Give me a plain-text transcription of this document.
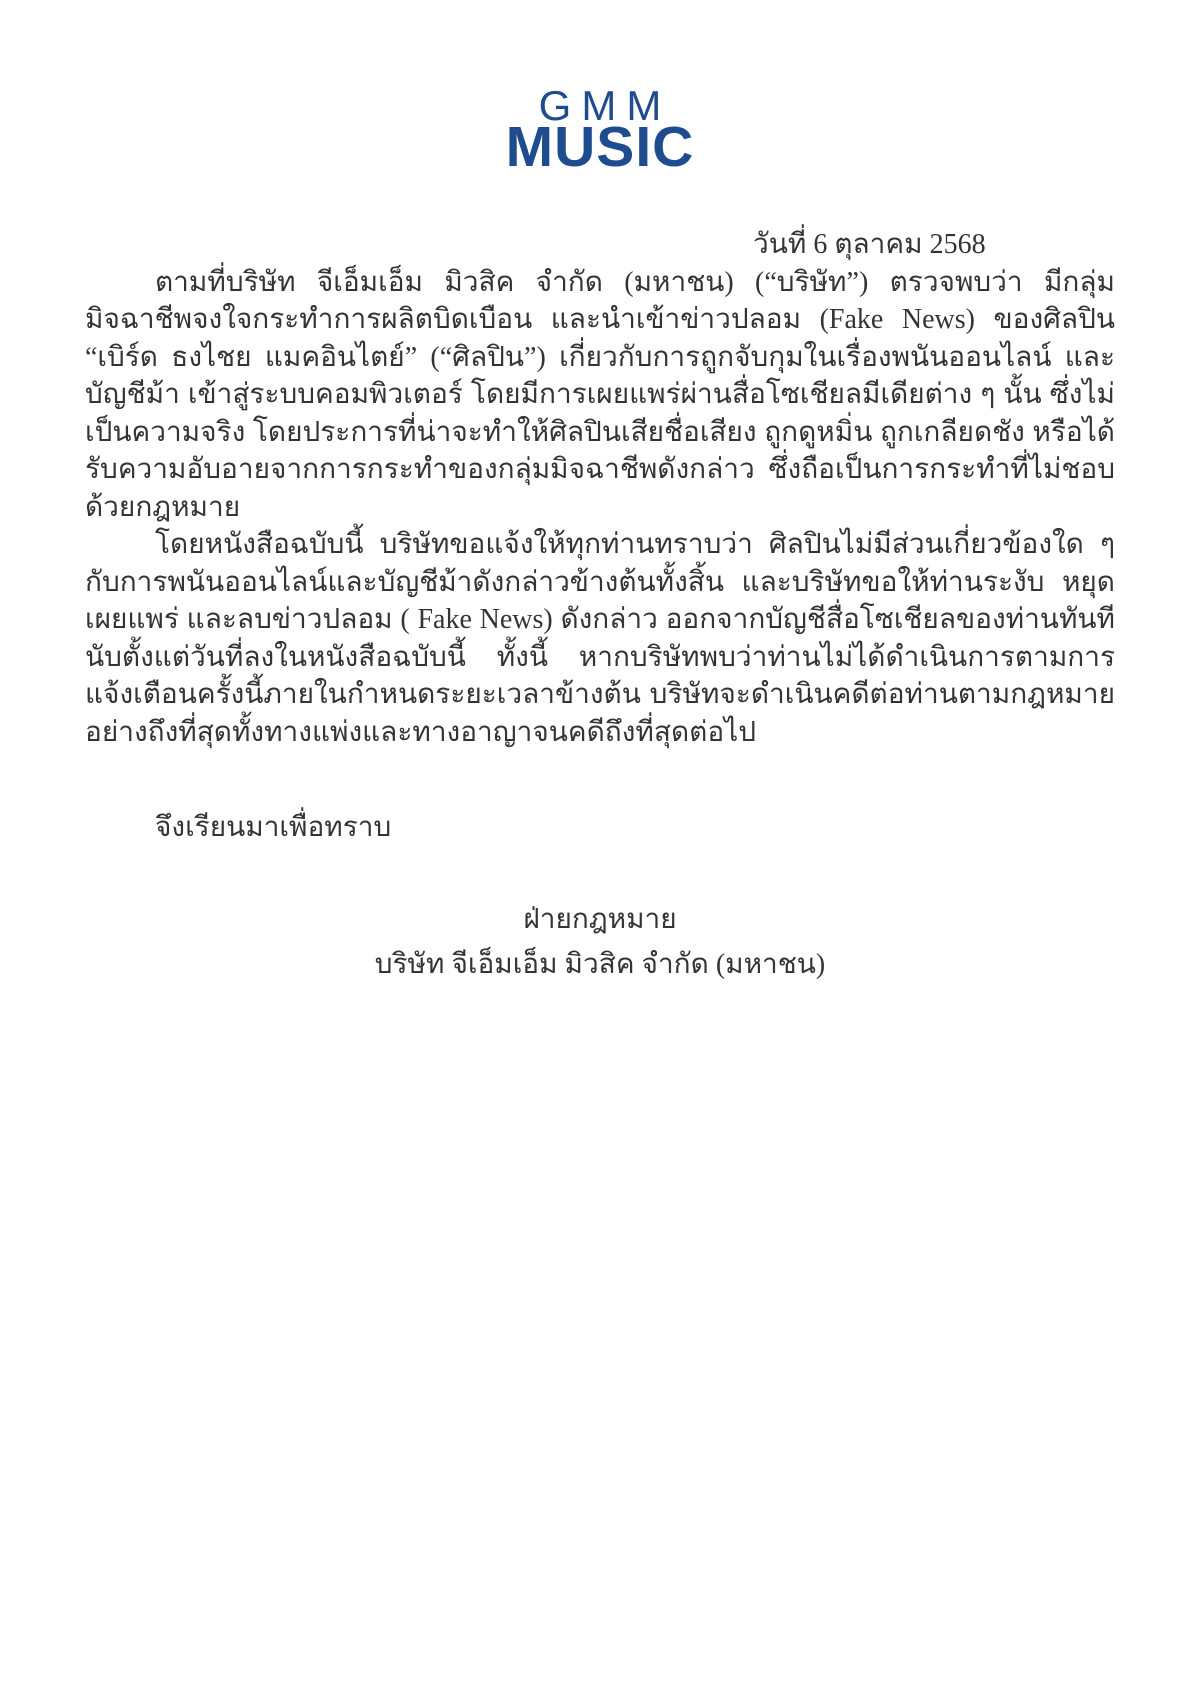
GMM
MUSIC
วันที่ 6 ตุลาคม 2568

ตามที่บริษัท จีเอ็มเอ็ม มิวสิค จำกัด (มหาชน) (“บริษัท”) ตรวจพบว่า มีกลุ่มมิจฉาชีพจงใจกระทำการผลิตบิดเบือน และนำเข้าข่าวปลอม (Fake News) ของศิลปิน “เบิร์ด ธงไชย แมคอินไตย์” (“ศิลปิน”) เกี่ยวกับการถูกจับกุมในเรื่องพนันออนไลน์ และบัญชีม้า เข้าสู่ระบบคอมพิวเตอร์ โดยมีการเผยแพร่ผ่านสื่อโซเชียลมีเดียต่าง ๆ นั้น ซึ่งไม่เป็นความจริง โดยประการที่น่าจะทำให้ศิลปินเสียชื่อเสียง ถูกดูหมิ่น ถูกเกลียดชัง หรือได้รับความอับอายจากการกระทำของกลุ่มมิจฉาชีพดังกล่าว ซึ่งถือเป็นการกระทำที่ไม่ชอบด้วยกฎหมาย

โดยหนังสือฉบับนี้ บริษัทขอแจ้งให้ทุกท่านทราบว่า ศิลปินไม่มีส่วนเกี่ยวข้องใด ๆ กับการพนันออนไลน์และบัญชีม้าดังกล่าวข้างต้นทั้งสิ้น และบริษัทขอให้ท่านระงับ หยุดเผยแพร่ และลบข่าวปลอม ( Fake News) ดังกล่าว ออกจากบัญชีสื่อโซเชียลของท่านทันที นับตั้งแต่วันที่ลงในหนังสือฉบับนี้ ทั้งนี้ หากบริษัทพบว่าท่านไม่ได้ดำเนินการตามการแจ้งเตือนครั้งนี้ภายในกำหนดระยะเวลาข้างต้น บริษัทจะดำเนินคดีต่อท่านตามกฎหมายอย่างถึงที่สุดทั้งทางแพ่งและทางอาญาจนคดีถึงที่สุดต่อไป

จึงเรียนมาเพื่อทราบ

ฝ่ายกฎหมาย
บริษัท จีเอ็มเอ็ม มิวสิค จำกัด (มหาชน)
